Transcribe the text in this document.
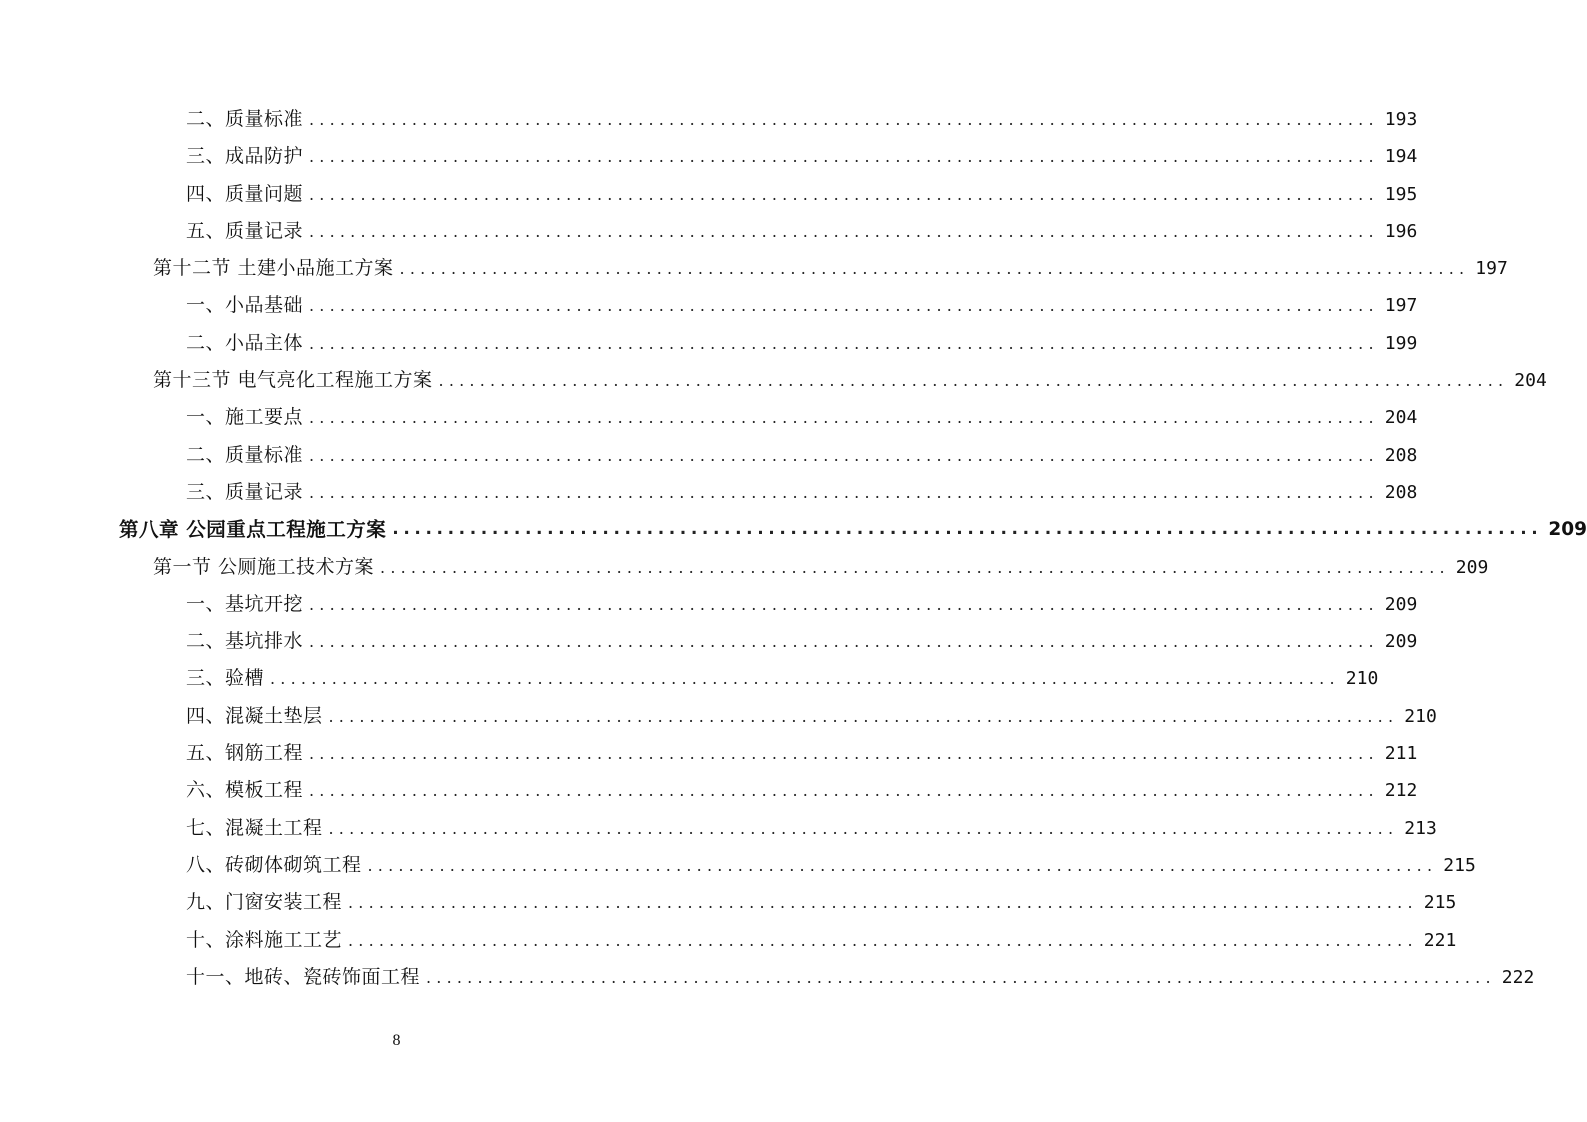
二、质量标准 ........................................................................................................ 193
三、成品防护 ........................................................................................................ 194
四、质量问题 ........................................................................................................ 195
五、质量记录 ........................................................................................................ 196
第十二节 土建小品施工方案 ........................................................................................................ 197
一、小品基础 ........................................................................................................ 197
二、小品主体 ........................................................................................................ 199
第十三节 电气亮化工程施工方案 ........................................................................................................ 204
一、施工要点 ........................................................................................................ 204
二、质量标准 ........................................................................................................ 208
三、质量记录 ........................................................................................................ 208
第八章 公园重点工程施工方案 ........................................................................................................ 209
第一节 公厕施工技术方案 ........................................................................................................ 209
一、基坑开挖 ........................................................................................................ 209
二、基坑排水 ........................................................................................................ 209
三、验槽 ........................................................................................................ 210
四、混凝土垫层 ........................................................................................................ 210
五、钢筋工程 ........................................................................................................ 211
六、模板工程 ........................................................................................................ 212
七、混凝土工程 ........................................................................................................ 213
八、砖砌体砌筑工程 ........................................................................................................ 215
九、门窗安装工程 ........................................................................................................ 215
十、涂料施工工艺 ........................................................................................................ 221
十一、地砖、瓷砖饰面工程 ........................................................................................................ 222
8
